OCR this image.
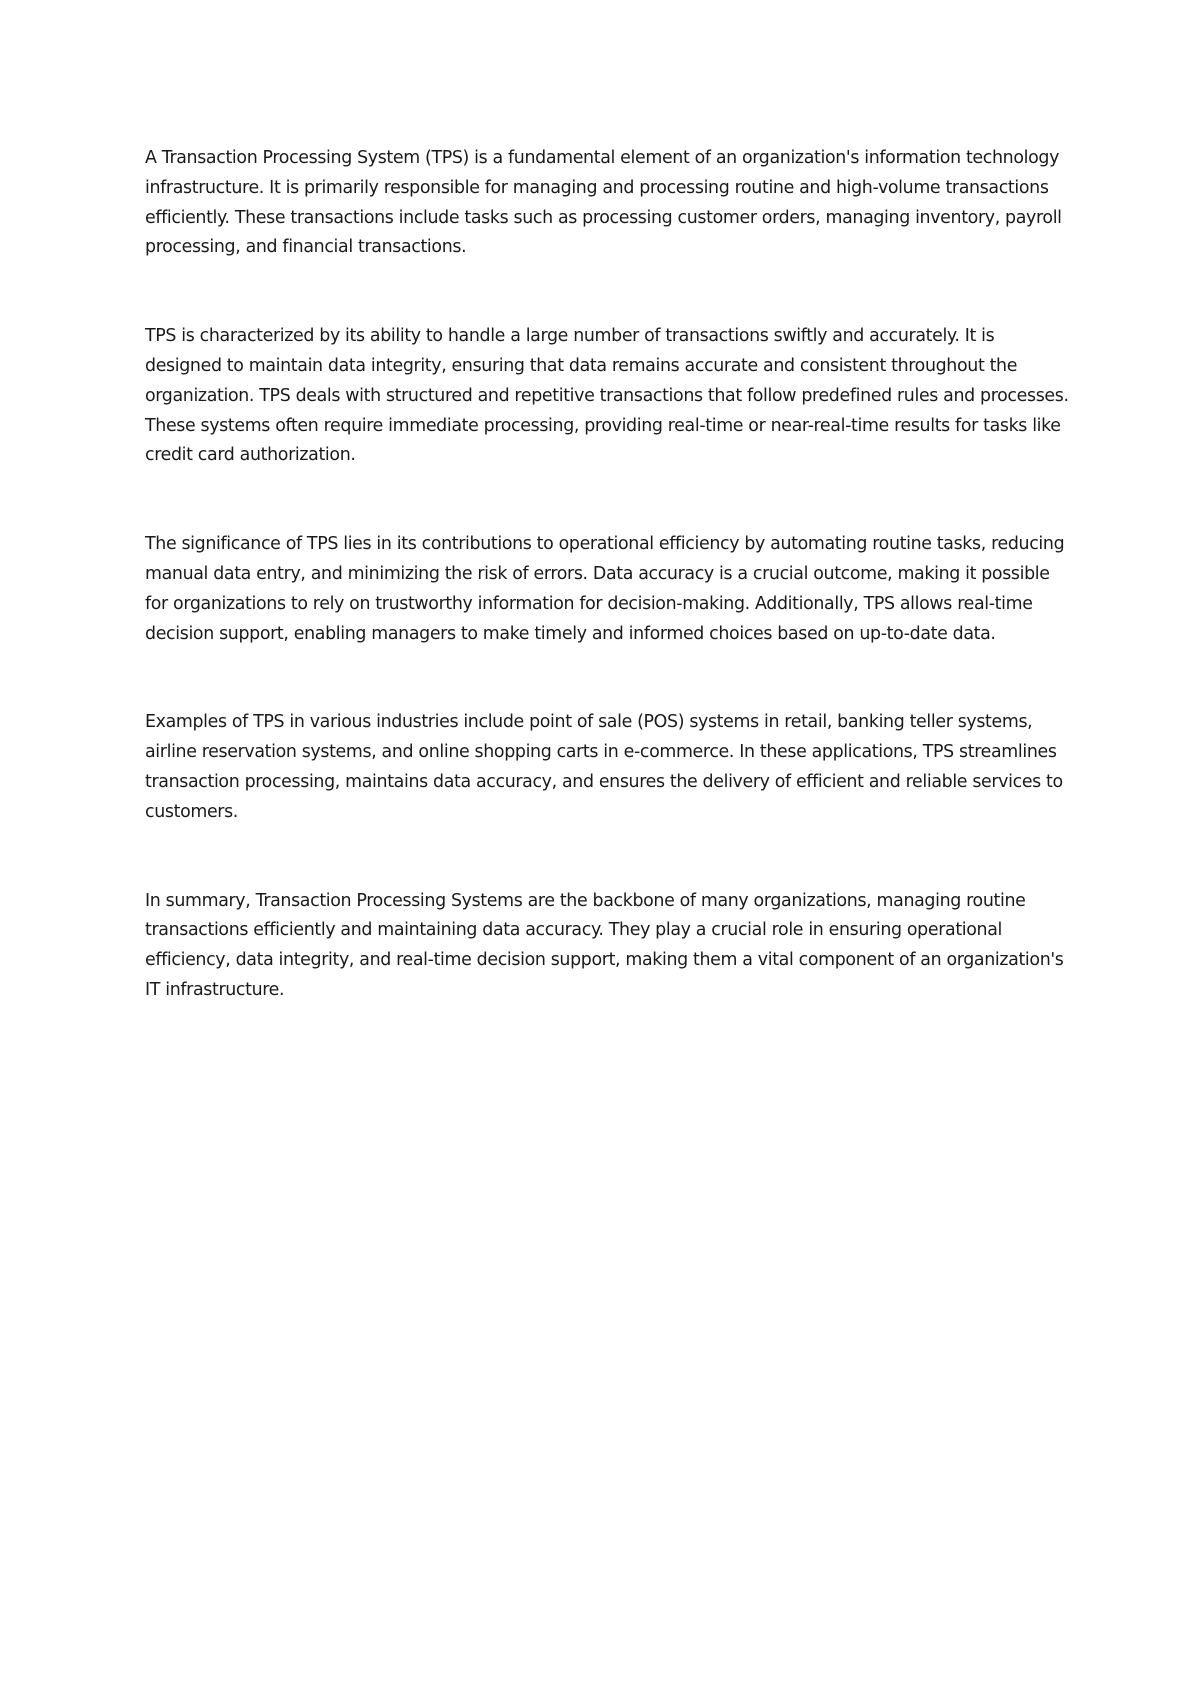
A Transaction Processing System (TPS) is a fundamental element of an organization's information technology infrastructure. It is primarily responsible for managing and processing routine and high-volume transactions efficiently. These transactions include tasks such as processing customer orders, managing inventory, payroll processing, and financial transactions.

TPS is characterized by its ability to handle a large number of transactions swiftly and accurately. It is designed to maintain data integrity, ensuring that data remains accurate and consistent throughout the organization. TPS deals with structured and repetitive transactions that follow predefined rules and processes. These systems often require immediate processing, providing real-time or near-real-time results for tasks like credit card authorization.

The significance of TPS lies in its contributions to operational efficiency by automating routine tasks, reducing manual data entry, and minimizing the risk of errors. Data accuracy is a crucial outcome, making it possible for organizations to rely on trustworthy information for decision-making. Additionally, TPS allows real-time decision support, enabling managers to make timely and informed choices based on up-to-date data.

Examples of TPS in various industries include point of sale (POS) systems in retail, banking teller systems, airline reservation systems, and online shopping carts in e-commerce. In these applications, TPS streamlines transaction processing, maintains data accuracy, and ensures the delivery of efficient and reliable services to customers.

In summary, Transaction Processing Systems are the backbone of many organizations, managing routine transactions efficiently and maintaining data accuracy. They play a crucial role in ensuring operational efficiency, data integrity, and real-time decision support, making them a vital component of an organization's IT infrastructure.
